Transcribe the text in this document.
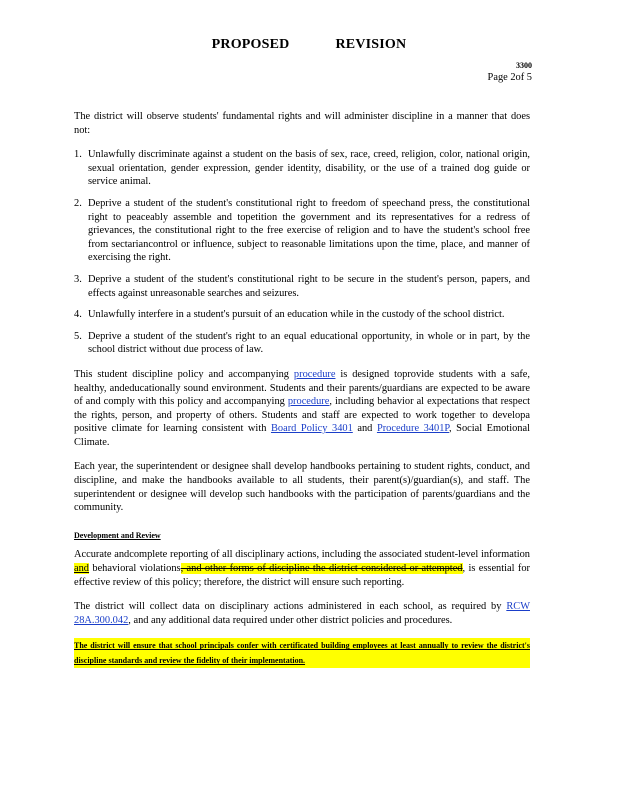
PROPOSED	REVISION
3300
Page 2of 5

The district will observe students' fundamental rights and will administer discipline in a manner that does not:

1. Unlawfully discriminate against a student on the basis of sex, race, creed, religion, color, national origin, sexual orientation, gender expression, gender identity, disability, or the use of a trained dog guide or service animal.
2. Deprive a student of the student's constitutional right to freedom of speechand press, the constitutional right to peaceably assemble and topetition the government and its representatives for a redress of grievances, the constitutional right to the free exercise of religion and to have the student's school free from sectariancontrol or influence, subject to reasonable limitations upon the time, place, and manner of exercising the right.
3. Deprive a student of the student's constitutional right to be secure in the student's person, papers, and effects against unreasonable searches and seizures.
4. Unlawfully interfere in a student's pursuit of an education while in the custody of the school district.
5. Deprive a student of the student's right to an equal educational opportunity, in whole or in part, by the school district without due process of law.

This student discipline policy and accompanying procedure is designed toprovide students with a safe, healthy, andeducationally sound environment. Students and their parents/guardians are expected to be aware of and comply with this policy and accompanying procedure, including behavior al expectations that respect the rights, person, and property of others. Students and staff are expected to work together to developa positive climate for learning consistent with Board Policy 3401 and Procedure 3401P, Social Emotional Climate.

Each year, the superintendent or designee shall develop handbooks pertaining to student rights, conduct, and discipline, and make the handbooks available to all students, their parent(s)/guardian(s), and staff. The superintendent or designee will develop such handbooks with the participation of parents/guardians and the community.

Development and Review

Accurate andcomplete reporting of all disciplinary actions, including the associated student-level information and behavioral violations, and other forms of discipline the district considered or attempted, is essential for effective review of this policy; therefore, the district will ensure such reporting.

The district will collect data on disciplinary actions administered in each school, as required by RCW 28A.300.042, and any additional data required under other district policies and procedures.

The district will ensure that school principals confer with certificated building employees at least annually to review the district's discipline standards and review the fidelity of their implementation.
